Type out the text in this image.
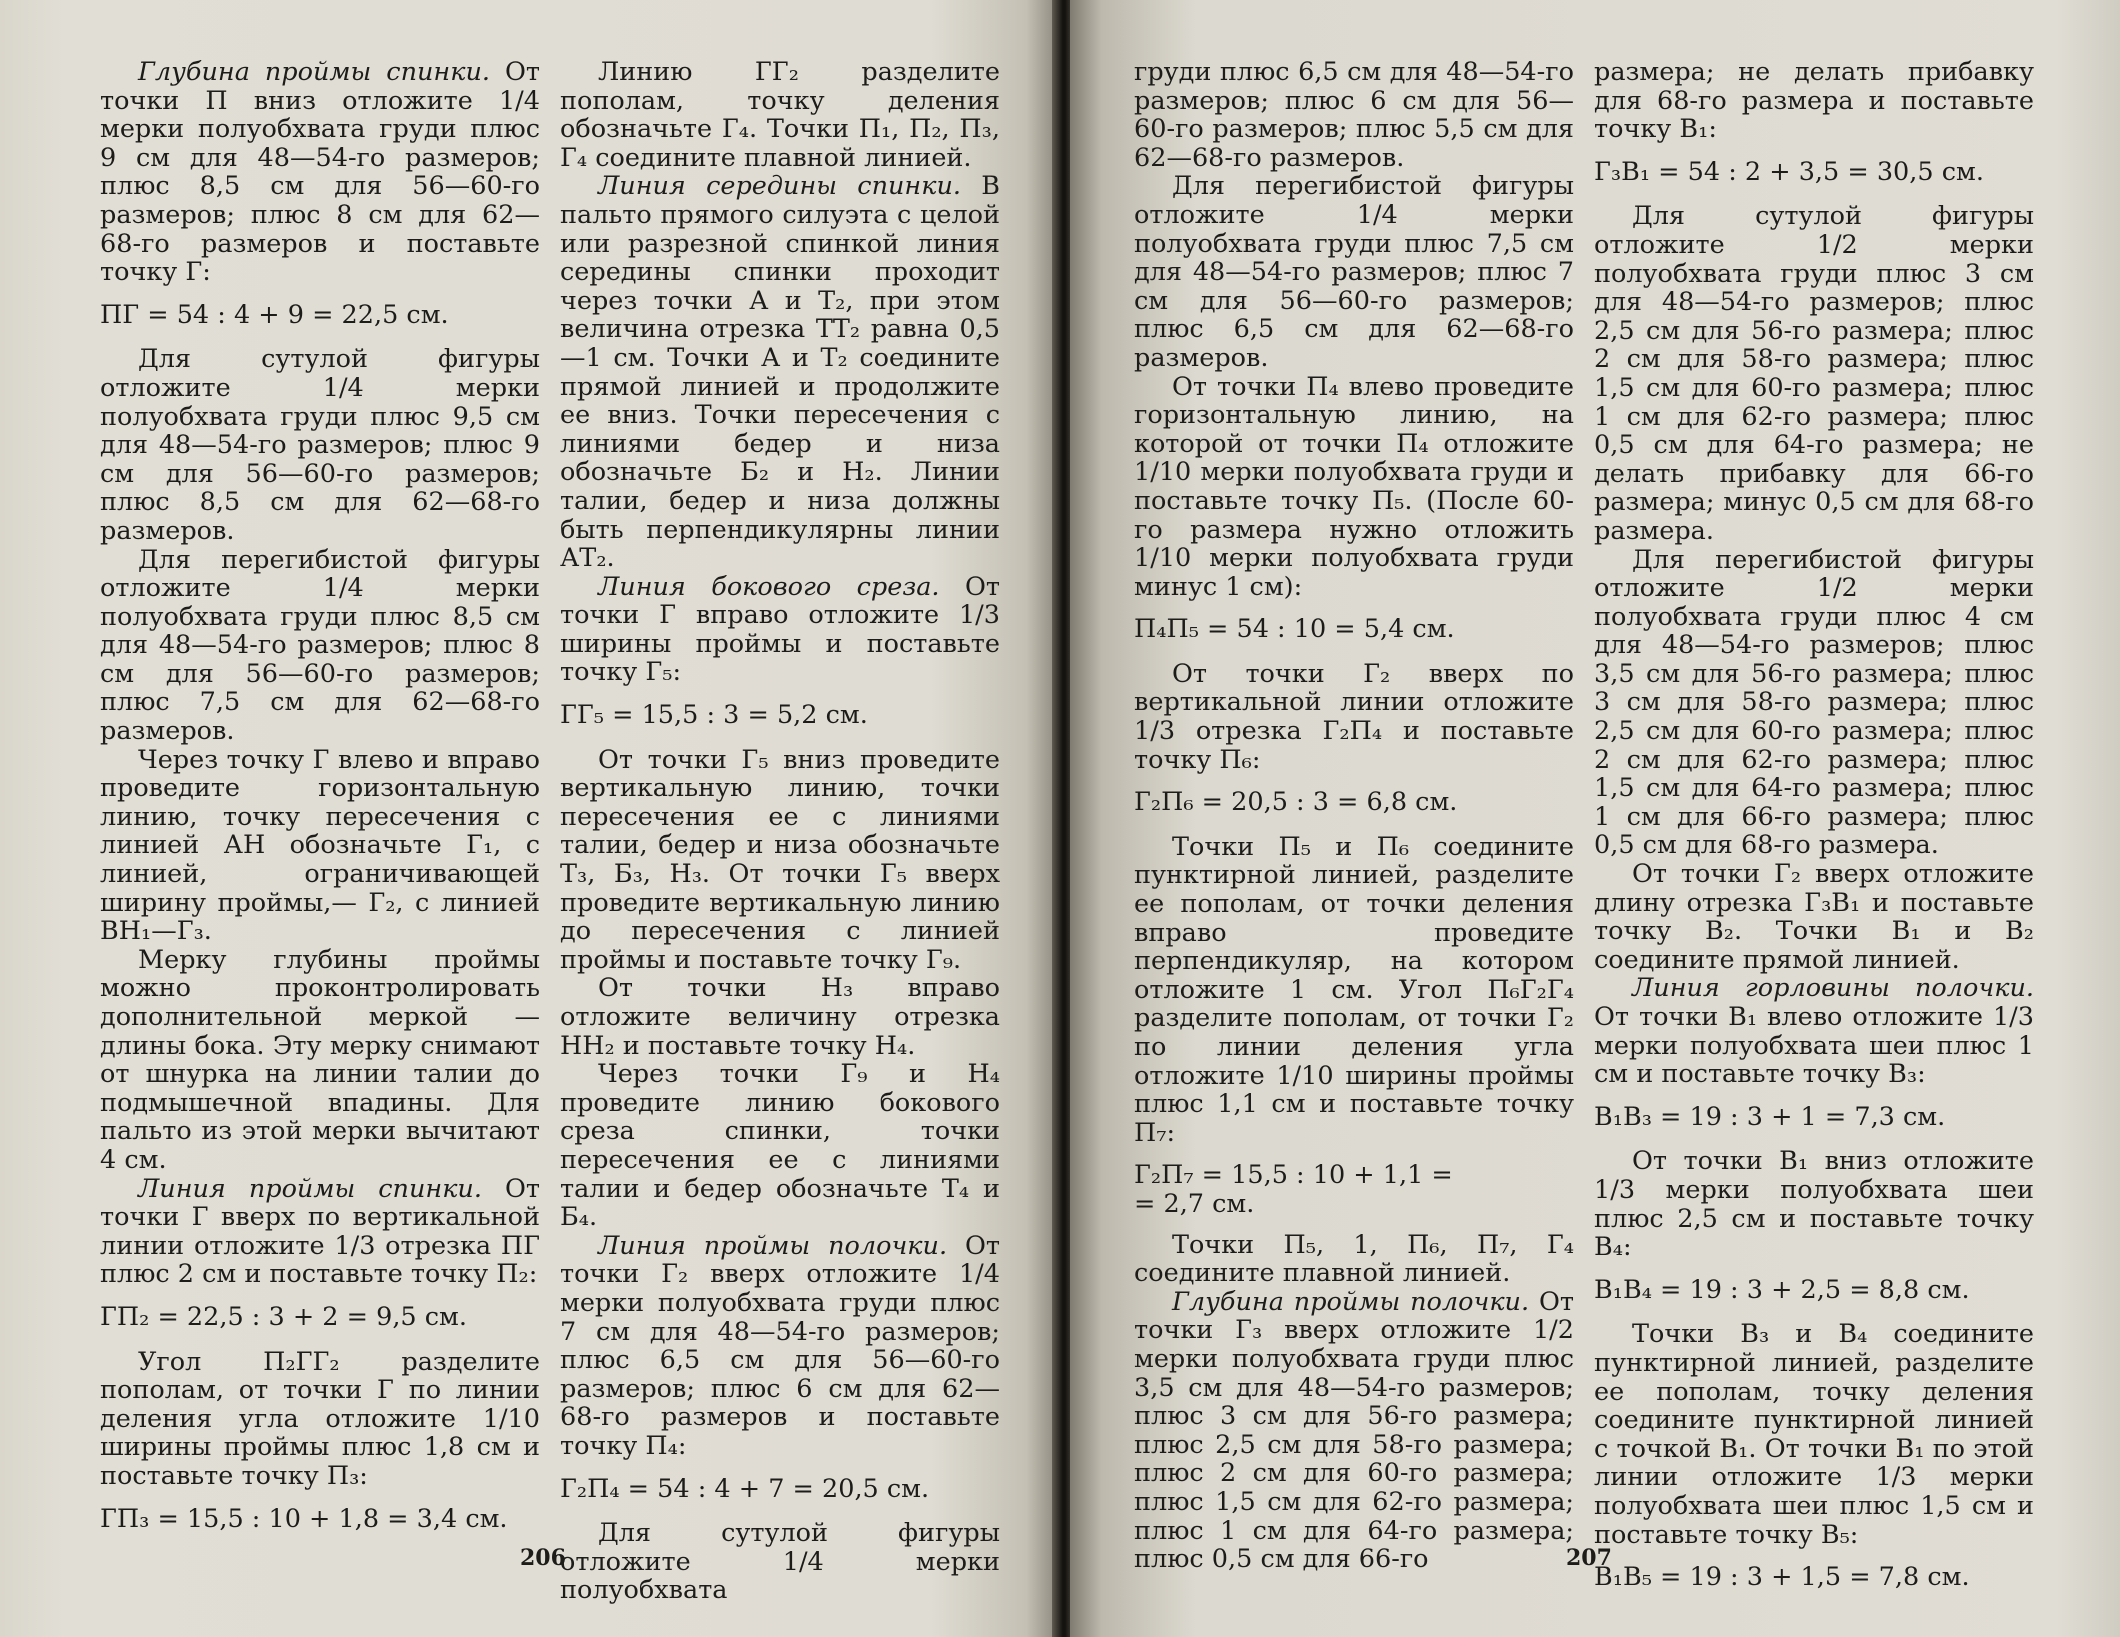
Глубина проймы спинки. От точки П вниз отложите 1/4 мерки полуобхвата груди плюс 9 см для 48—54-го размеров; плюс 8,5 см для 56—60-го размеров; плюс 8 см для 62—68-го размеров и поставьте точку Г:

ПГ = 54 : 4 + 9 = 22,5 см.

Для сутулой фигуры отложите 1/4 мерки полуобхвата груди плюс 9,5 см для 48—54-го размеров; плюс 9 см для 56—60-го размеров; плюс 8,5 см для 62—68-го размеров.

Для перегибистой фигуры отложите 1/4 мерки полуобхвата груди плюс 8,5 см для 48—54-го размеров; плюс 8 см для 56—60-го размеров; плюс 7,5 см для 62—68-го размеров.

Через точку Г влево и вправо проведите горизонтальную линию, точку пересечения с линией АН обозначьте Г₁, с линией, ограничивающей ширину проймы,— Г₂, с линией ВН₁—Г₃.

Мерку глубины проймы можно проконтролировать дополнительной меркой — длины бока. Эту мерку снимают от шнурка на линии талии до подмышечной впадины. Для пальто из этой мерки вычитают 4 см.

Линия проймы спинки. От точки Г вверх по вертикальной линии отложите 1/3 отрезка ПГ плюс 2 см и поставьте точку П₂:

ГП₂ = 22,5 : 3 + 2 = 9,5 см.

Угол П₂ГГ₂ разделите пополам, от точки Г по линии деления угла отложите 1/10 ширины проймы плюс 1,8 см и поставьте точку П₃:

ГП₃ = 15,5 : 10 + 1,8 = 3,4 см.

Линию ГГ₂ разделите пополам, точку деления обозначьте Г₄. Точки П₁, П₂, П₃, Г₄ соедините плавной линией.

Линия середины спинки. В пальто прямого силуэта с целой или разрезной спинкой линия середины спинки проходит через точки А и Т₂, при этом величина отрезка ТТ₂ равна 0,5—1 см. Точки А и Т₂ соедините прямой линией и продолжите ее вниз. Точки пересечения с линиями бедер и низа обозначьте Б₂ и Н₂. Линии талии, бедер и низа должны быть перпендикулярны линии АТ₂.

Линия бокового среза. От точки Г вправо отложите 1/3 ширины проймы и поставьте точку Г₅:

ГГ₅ = 15,5 : 3 = 5,2 см.

От точки Г₅ вниз проведите вертикальную линию, точки пересечения ее с линиями талии, бедер и низа обозначьте Т₃, Б₃, Н₃. От точки Г₅ вверх проведите вертикальную линию до пересечения с линией проймы и поставьте точку Г₉.

От точки Н₃ вправо отложите величину отрезка НН₂ и поставьте точку Н₄.

Через точки Г₉ и Н₄ проведите линию бокового среза спинки, точки пересечения ее с линиями талии и бедер обозначьте Т₄ и Б₄.

Линия проймы полочки. От точки Г₂ вверх отложите 1/4 мерки полуобхвата груди плюс 7 см для 48—54-го размеров; плюс 6,5 см для 56—60-го размеров; плюс 6 см для 62—68-го размеров и поставьте точку П₄:

Г₂П₄ = 54 : 4 + 7 = 20,5 см.

Для сутулой фигуры отложите 1/4 мерки полуобхвата

206

груди плюс 6,5 см для 48—54-го размеров; плюс 6 см для 56—60-го размеров; плюс 5,5 см для 62—68-го размеров.

Для перегибистой фигуры отложите 1/4 мерки полуобхвата груди плюс 7,5 см для 48—54-го размеров; плюс 7 см для 56—60-го размеров; плюс 6,5 см для 62—68-го размеров.

От точки П₄ влево проведите горизонтальную линию, на которой от точки П₄ отложите 1/10 мерки полуобхвата груди и поставьте точку П₅. (После 60-го размера нужно отложить 1/10 мерки полуобхвата груди минус 1 см):

П₄П₅ = 54 : 10 = 5,4 см.

От точки Г₂ вверх по вертикальной линии отложите 1/3 отрезка Г₂П₄ и поставьте точку П₆:

Г₂П₆ = 20,5 : 3 = 6,8 см.

Точки П₅ и П₆ соедините пунктирной линией, разделите ее пополам, от точки деления вправо проведите перпендикуляр, на котором отложите 1 см. Угол П₆Г₂Г₄ разделите пополам, от точки Г₂ по линии деления угла отложите 1/10 ширины проймы плюс 1,1 см и поставьте точку П₇:

Г₂П₇ = 15,5 : 10 + 1,1 =
= 2,7 см.

Точки П₅, 1, П₆, П₇, Г₄ соедините плавной линией.

Глубина проймы полочки. От точки Г₃ вверх отложите 1/2 мерки полуобхвата груди плюс 3,5 см для 48—54-го размеров; плюс 3 см для 56-го размера; плюс 2,5 см для 58-го размера; плюс 2 см для 60-го размера; плюс 1,5 см для 62-го размера; плюс 1 см для 64-го размера; плюс 0,5 см для 66-го

размера; не делать прибавку для 68-го размера и поставьте точку В₁:

Г₃В₁ = 54 : 2 + 3,5 = 30,5 см.

Для сутулой фигуры отложите 1/2 мерки полуобхвата груди плюс 3 см для 48—54-го размеров; плюс 2,5 см для 56-го размера; плюс 2 см для 58-го размера; плюс 1,5 см для 60-го размера; плюс 1 см для 62-го размера; плюс 0,5 см для 64-го размера; не делать прибавку для 66-го размера; минус 0,5 см для 68-го размера.

Для перегибистой фигуры отложите 1/2 мерки полуобхвата груди плюс 4 см для 48—54-го размеров; плюс 3,5 см для 56-го размера; плюс 3 см для 58-го размера; плюс 2,5 см для 60-го размера; плюс 2 см для 62-го размера; плюс 1,5 см для 64-го размера; плюс 1 см для 66-го размера; плюс 0,5 см для 68-го размера.

От точки Г₂ вверх отложите длину отрезка Г₃В₁ и поставьте точку В₂. Точки В₁ и В₂ соедините прямой линией.

Линия горловины полочки. От точки В₁ влево отложите 1/3 мерки полуобхвата шеи плюс 1 см и поставьте точку В₃:

В₁В₃ = 19 : 3 + 1 = 7,3 см.

От точки В₁ вниз отложите 1/3 мерки полуобхвата шеи плюс 2,5 см и поставьте точку В₄:

В₁В₄ = 19 : 3 + 2,5 = 8,8 см.

Точки В₃ и В₄ соедините пунктирной линией, разделите ее пополам, точку деления соедините пунктирной линией с точкой В₁. От точки В₁ по этой линии отложите 1/3 мерки полуобхвата шеи плюс 1,5 см и поставьте точку В₅:

В₁В₅ = 19 : 3 + 1,5 = 7,8 см.

207
